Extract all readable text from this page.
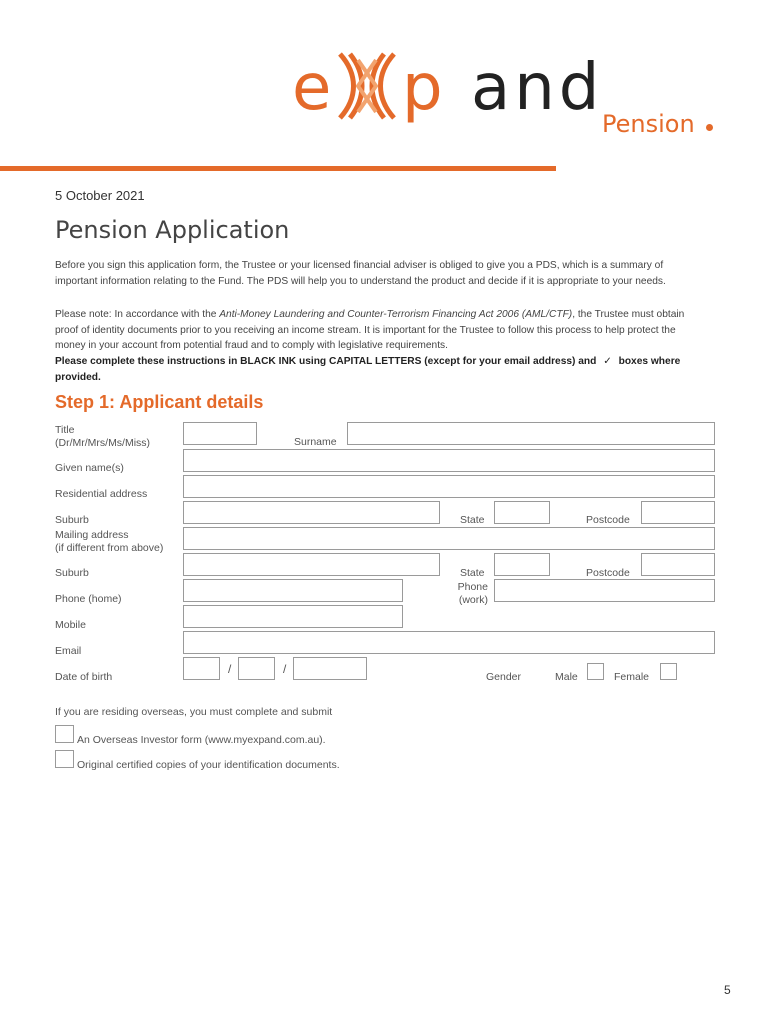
e p and
Pension
5 October 2021
Pension Application
Before you sign this application form, the Trustee or your licensed financial adviser is obliged to give you a PDS, which is a summary of important information relating to the Fund. The PDS will help you to understand the product and decide if it is appropriate to your needs.
Please note: In accordance with the Anti-Money Laundering and Counter-Terrorism Financing Act 2006 (AML/CTF), the Trustee must obtain proof of identity documents prior to you receiving an income stream. It is important for the Trustee to follow this process to help protect the money in your account from potential fraud and to comply with legislative requirements.
Please complete these instructions in BLACK INK using CAPITAL LETTERS (except for your email address) and ✓ boxes where provided.
Step 1: Applicant details
Title
(Dr/Mr/Mrs/Ms/Miss)	Surname
Given name(s)
Residential address
Suburb	State	Postcode
Mailing address
(if different from above)
Suburb	State	Postcode
Phone (home)
Phone
(work)
Mobile
Email
Date of birth
/	/
Gender	Male	Female
If you are residing overseas, you must complete and submit
An Overseas Investor form (www.myexpand.com.au).
Original certified copies of your identification documents.
5
